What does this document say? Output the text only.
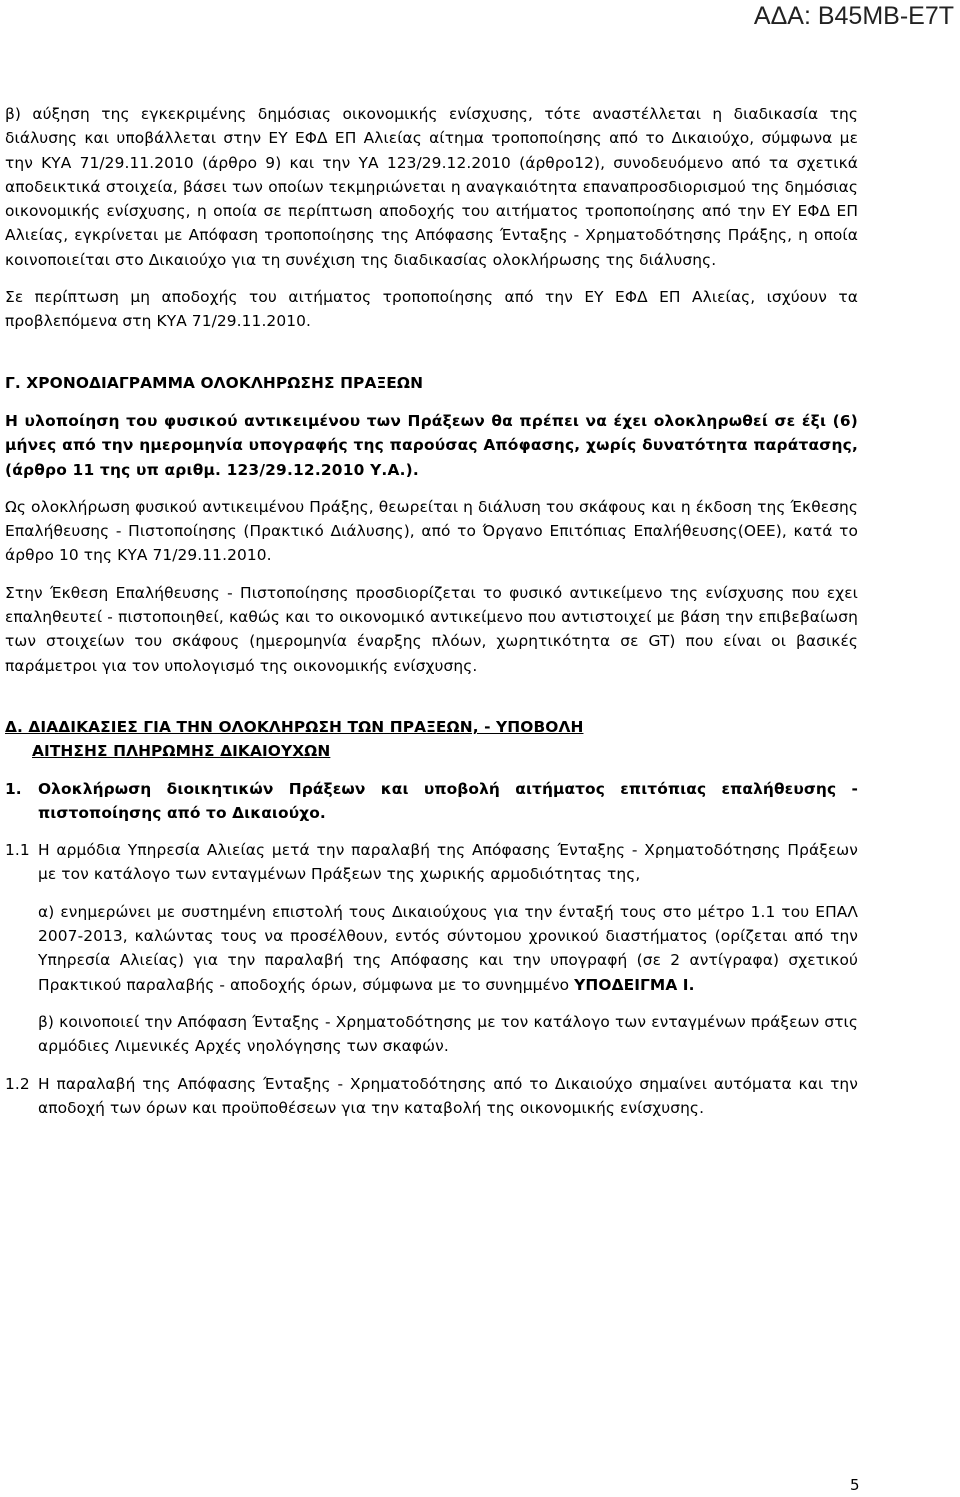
ΑΔΑ: Β45ΜΒ-Ε7Τ

β) αύξηση της εγκεκριμένης δημόσιας οικονομικής ενίσχυσης, τότε αναστέλλεται η διαδικασία της διάλυσης και υποβάλλεται στην ΕΥ ΕΦΔ ΕΠ Αλιείας αίτημα τροποποίησης από το Δικαιούχο, σύμφωνα με την ΚΥΑ 71/29.11.2010 (άρθρο 9) και την ΥΑ 123/29.12.2010 (άρθρο12), συνοδευόμενο από τα σχετικά αποδεικτικά στοιχεία, βάσει των οποίων τεκμηριώνεται η αναγκαιότητα επαναπροσδιορισμού της δημόσιας οικονομικής ενίσχυσης, η οποία σε περίπτωση αποδοχής του αιτήματος τροποποίησης από την ΕΥ ΕΦΔ ΕΠ Αλιείας, εγκρίνεται με Απόφαση τροποποίησης της Απόφασης Ένταξης - Χρηματοδότησης Πράξης, η οποία κοινοποιείται στο Δικαιούχο για τη συνέχιση της διαδικασίας ολοκλήρωσης της διάλυσης.

Σε περίπτωση μη αποδοχής του αιτήματος τροποποίησης από την ΕΥ ΕΦΔ ΕΠ Αλιείας, ισχύουν τα προβλεπόμενα στη ΚΥΑ 71/29.11.2010.

Γ. ΧΡΟΝΟΔΙΑΓΡΑΜΜΑ ΟΛΟΚΛΗΡΩΣΗΣ ΠΡΑΞΕΩΝ

Η υλοποίηση του φυσικού αντικειμένου των Πράξεων θα πρέπει να έχει ολοκληρωθεί σε έξι (6) μήνες από την ημερομηνία υπογραφής της παρούσας Απόφασης, χωρίς δυνατότητα παράτασης, (άρθρο 11 της υπ αριθμ. 123/29.12.2010 Υ.Α.).

Ως ολοκλήρωση φυσικού αντικειμένου Πράξης, θεωρείται η διάλυση του σκάφους και η έκδοση της Έκθεσης Επαλήθευσης - Πιστοποίησης (Πρακτικό Διάλυσης), από το Όργανο Επιτόπιας Επαλήθευσης(ΟΕΕ), κατά το άρθρο 10 της ΚΥΑ 71/29.11.2010.

Στην Έκθεση Επαλήθευσης - Πιστοποίησης προσδιορίζεται το φυσικό αντικείμενο της ενίσχυσης που εχει επαληθευτεί - πιστοποιηθεί, καθώς και το οικονομικό αντικείμενο που αντιστοιχεί με βάση την επιβεβαίωση των στοιχείων του σκάφους (ημερομηνία έναρξης πλόων, χωρητικότητα σε GT) που είναι οι βασικές παράμετροι για τον υπολογισμό της οικονομικής ενίσχυσης.

Δ. ΔΙΑΔΙΚΑΣΙΕΣ ΓΙΑ ΤΗΝ ΟΛΟΚΛΗΡΩΣΗ ΤΩΝ ΠΡΑΞΕΩΝ, - ΥΠΟΒΟΛΗ
ΑΙΤΗΣΗΣ ΠΛΗΡΩΜΗΣ ΔΙΚΑΙΟΥΧΩΝ

1.	Ολοκλήρωση διοικητικών Πράξεων και υποβολή αιτήματος επιτόπιας επαλήθευσης - πιστοποίησης από το Δικαιούχο.
1.1 Η αρμόδια Υπηρεσία Αλιείας μετά την παραλαβή της Απόφασης Ένταξης - Χρηματοδότησης Πράξεων με τον κατάλογο των ενταγμένων Πράξεων της χωρικής αρμοδιότητας της,

α) ενημερώνει με συστημένη επιστολή τους Δικαιούχους για την ένταξή τους στο μέτρο 1.1 του ΕΠΑΛ 2007-2013, καλώντας τους να προσέλθουν, εντός σύντομου χρονικού διαστήματος (ορίζεται από την Υπηρεσία Αλιείας) για την παραλαβή της Απόφασης και την υπογραφή (σε 2 αντίγραφα) σχετικού Πρακτικού παραλαβής - αποδοχής όρων, σύμφωνα με το συνημμένο ΥΠΟΔΕΙΓΜΑ Ι.

β) κοινοποιεί την Απόφαση Ένταξης - Χρηματοδότησης με τον κατάλογο των ενταγμένων πράξεων στις αρμόδιες Λιμενικές Αρχές νηολόγησης των σκαφών.

1.2 Η παραλαβή της Απόφασης Ένταξης - Χρηματοδότησης από το Δικαιούχο σημαίνει αυτόματα και την αποδοχή των όρων και προϋποθέσεων για την καταβολή της οικονομικής ενίσχυσης.
5
